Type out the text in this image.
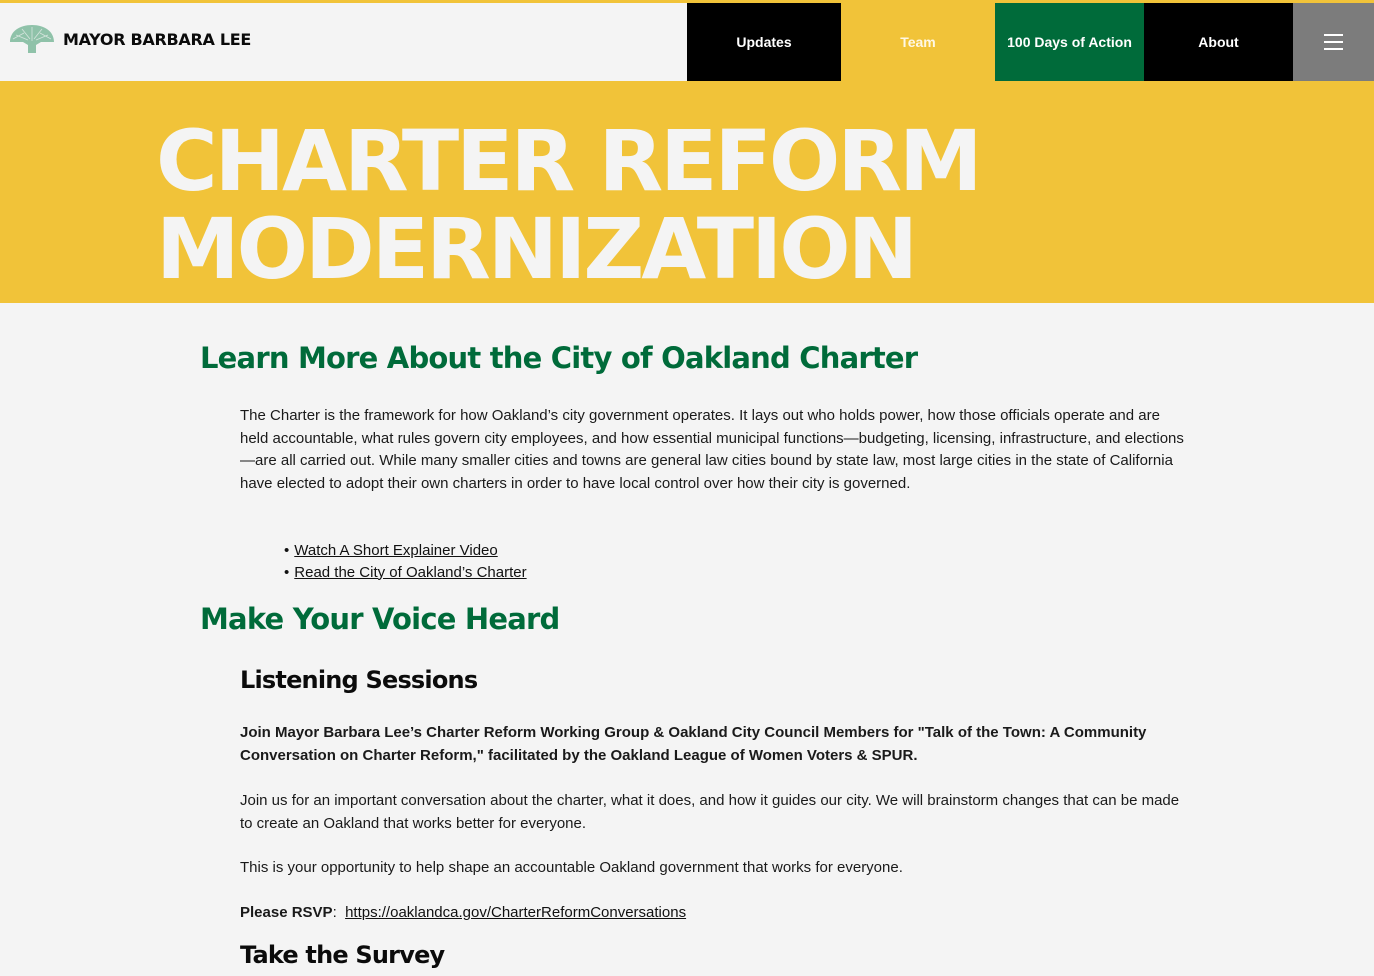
MAYOR BARBARA LEE	Updates	Team	100 Days of Action	About
CHARTER REFORM
MODERNIZATION
Learn More About the City of Oakland Charter

The Charter is the framework for how Oakland’s city government operates. It lays out who holds power, how those officials operate and are held accountable, what rules govern city employees, and how essential municipal functions—budgeting, licensing, infrastructure, and elections—are all carried out. While many smaller cities and towns are general law cities bound by state law, most large cities in the state of California have elected to adopt their own charters in order to have local control over how their city is governed.

• Watch A Short Explainer Video
• Read the City of Oakland’s Charter
Make Your Voice Heard
Listening Sessions

Join Mayor Barbara Lee’s Charter Reform Working Group & Oakland City Council Members for "Talk of the Town: A Community Conversation on Charter Reform," facilitated by the Oakland League of Women Voters & SPUR.

Join us for an important conversation about the charter, what it does, and how it guides our city. We will brainstorm changes that can be made to create an Oakland that works better for everyone.

This is your opportunity to help shape an accountable Oakland government that works for everyone.

Please RSVP:  https://oaklandca.gov/CharterReformConversations

Take the Survey
